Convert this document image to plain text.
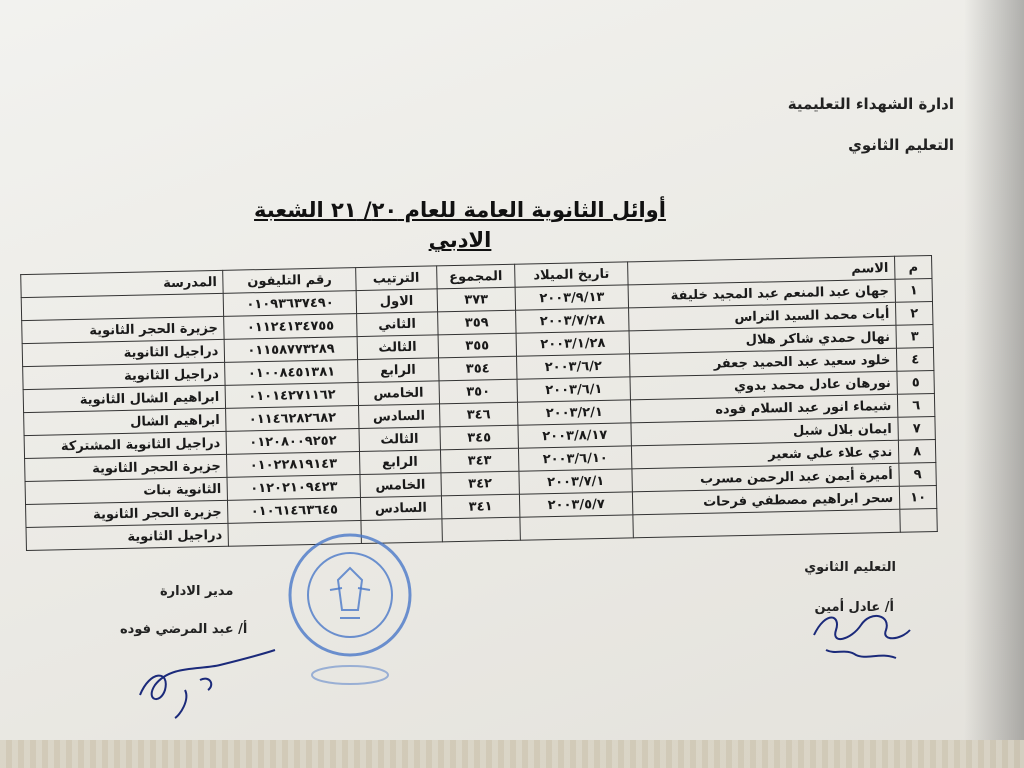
ادارة الشهداء التعليمية
التعليم الثانوي
أوائل الثانوية العامة للعام ٢٠/ ٢١ الشعبة الادبي
م	الاسم	تاريخ الميلاد	المجموع	الترتيب	رقم التليفون	المدرسة
١	جهان عبد المنعم عبد المجيد خليفة	٢٠٠٣/٩/١٣	٣٧٣	الاول	٠١٠٩٣٦٣٧٤٩٠	
٢	أيات محمد السيد التراس	٢٠٠٣/٧/٢٨	٣٥٩	الثاني	٠١١٢٤١٣٤٧٥٥	جزيرة الحجر الثانوية
٣	نهال حمدي شاكر هلال	٢٠٠٣/١/٢٨	٣٥٥	الثالث	٠١١٥٨٧٧٣٢٨٩	دراجيل الثانوية
٤	خلود سعيد عبد الحميد جعفر	٢٠٠٣/٦/٢	٣٥٤	الرابع	٠١٠٠٨٤٥١٣٨١	دراجيل الثانوية
٥	نورهان عادل محمد بدوي	٢٠٠٣/٦/١	٣٥٠	الخامس	٠١٠١٤٢٧١١٦٢	ابراهيم الشال الثانوية
٦	شيماء انور عبد السلام فوده	٢٠٠٣/٢/١	٣٤٦	السادس	٠١١٤٦٢٨٢٦٨٢	ابراهيم الشال
٧	ايمان بلال شبل	٢٠٠٣/٨/١٧	٣٤٥	الثالث	٠١٢٠٨٠٠٩٢٥٢	دراجيل الثانوية المشتركة
٨	ندي علاء علي شعير	٢٠٠٣/٦/١٠	٣٤٣	الرابع	٠١٠٢٢٨١٩١٤٣	جزيرة الحجر الثانوية
٩	أميرة أيمن عبد الرحمن مسرب	٢٠٠٣/٧/١	٣٤٢	الخامس	٠١٢٠٢١٠٩٤٢٣	الثانوية بنات
١٠	سحر ابراهيم مصطفي فرحات	٢٠٠٣/٥/٧	٣٤١	السادس	٠١٠٦١٤٦٣٦٤٥	جزيرة الحجر الثانوية
						دراجيل الثانوية
مدير الادارة
أ/ عبد المرضي فوده
التعليم الثانوي
أ/ عادل أمين
